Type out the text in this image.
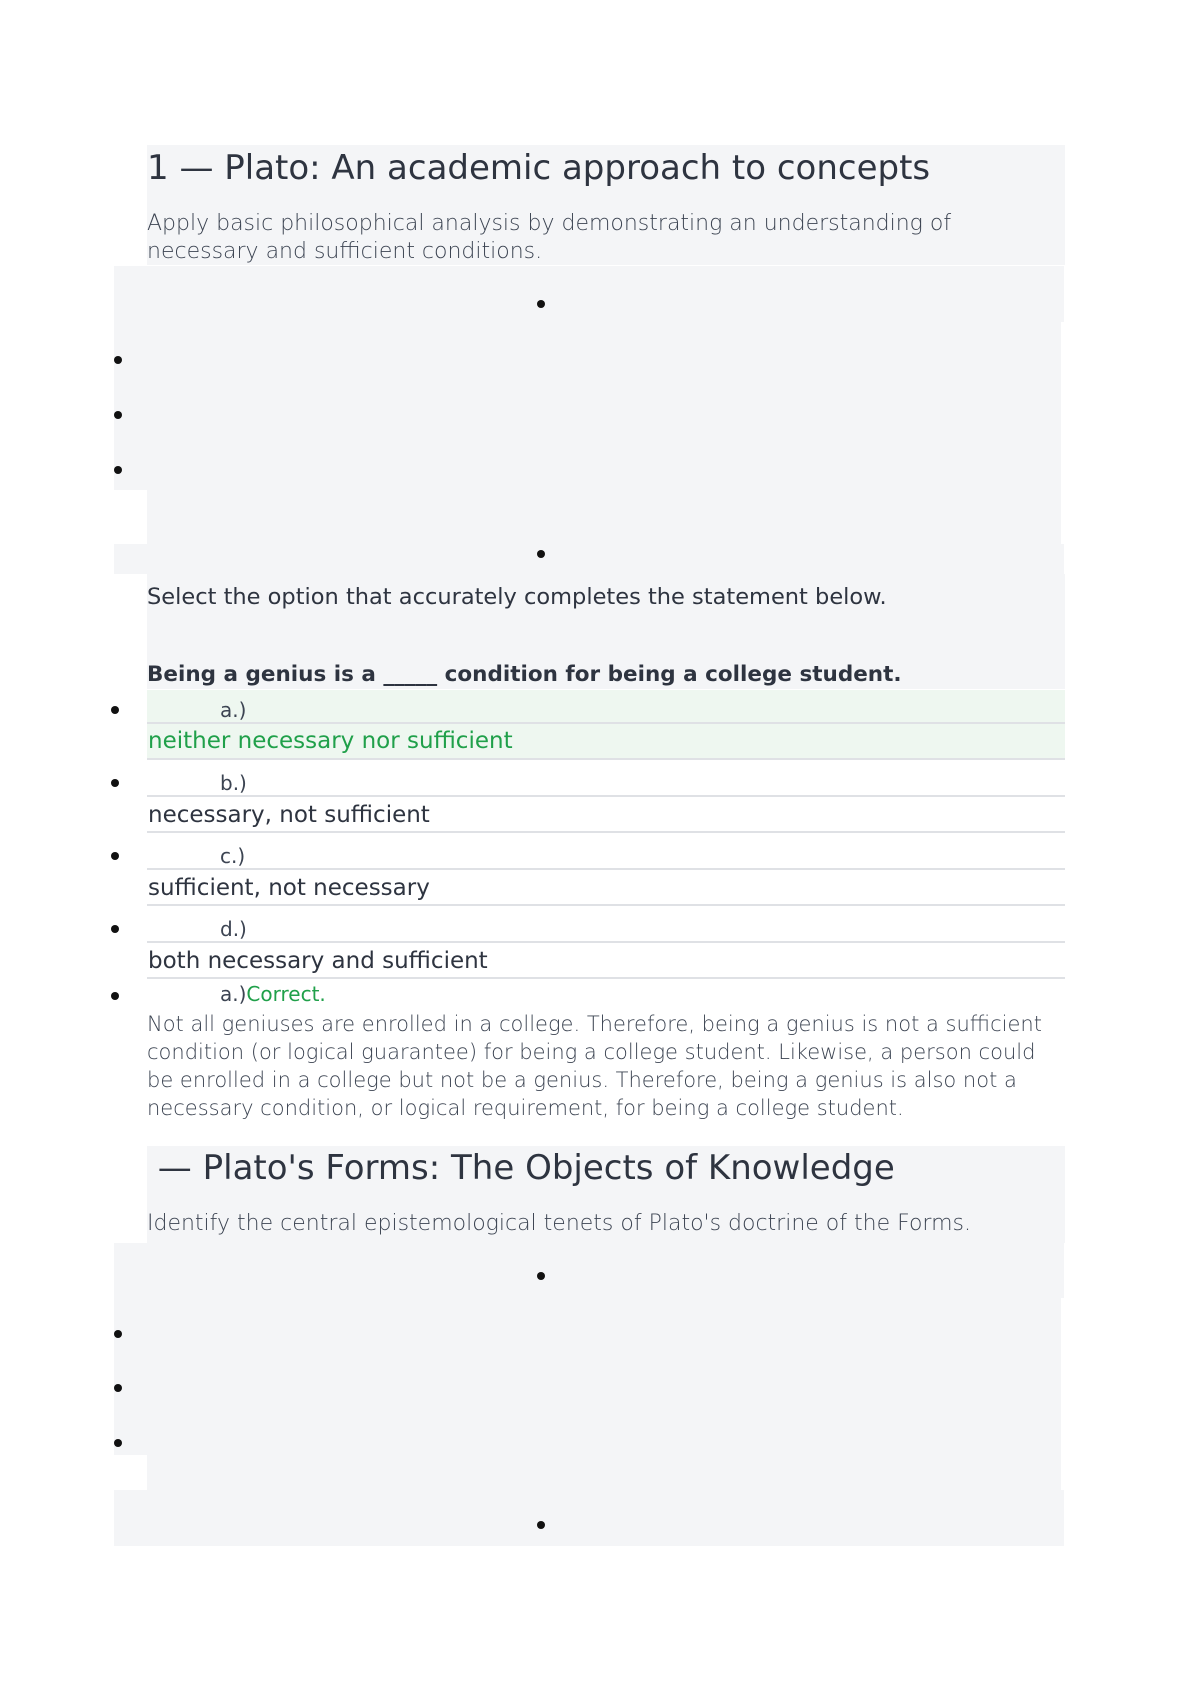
1 — Plato: An academic approach to concepts
Apply basic philosophical analysis by demonstrating an understanding of necessary and sufficient conditions.
Select the option that accurately completes the statement below.
Being a genius is a _____ condition for being a college student.
a.)
neither necessary nor sufficient
b.)
necessary, not sufficient
c.)
sufficient, not necessary
d.)
both necessary and sufficient
a.)Correct.
Not all geniuses are enrolled in a college. Therefore, being a genius is not a sufficient condition (or logical guarantee) for being a college student. Likewise, a person could be enrolled in a college but not be a genius. Therefore, being a genius is also not a necessary condition, or logical requirement, for being a college student.
— Plato's Forms: The Objects of Knowledge
Identify the central epistemological tenets of Plato's doctrine of the Forms.
